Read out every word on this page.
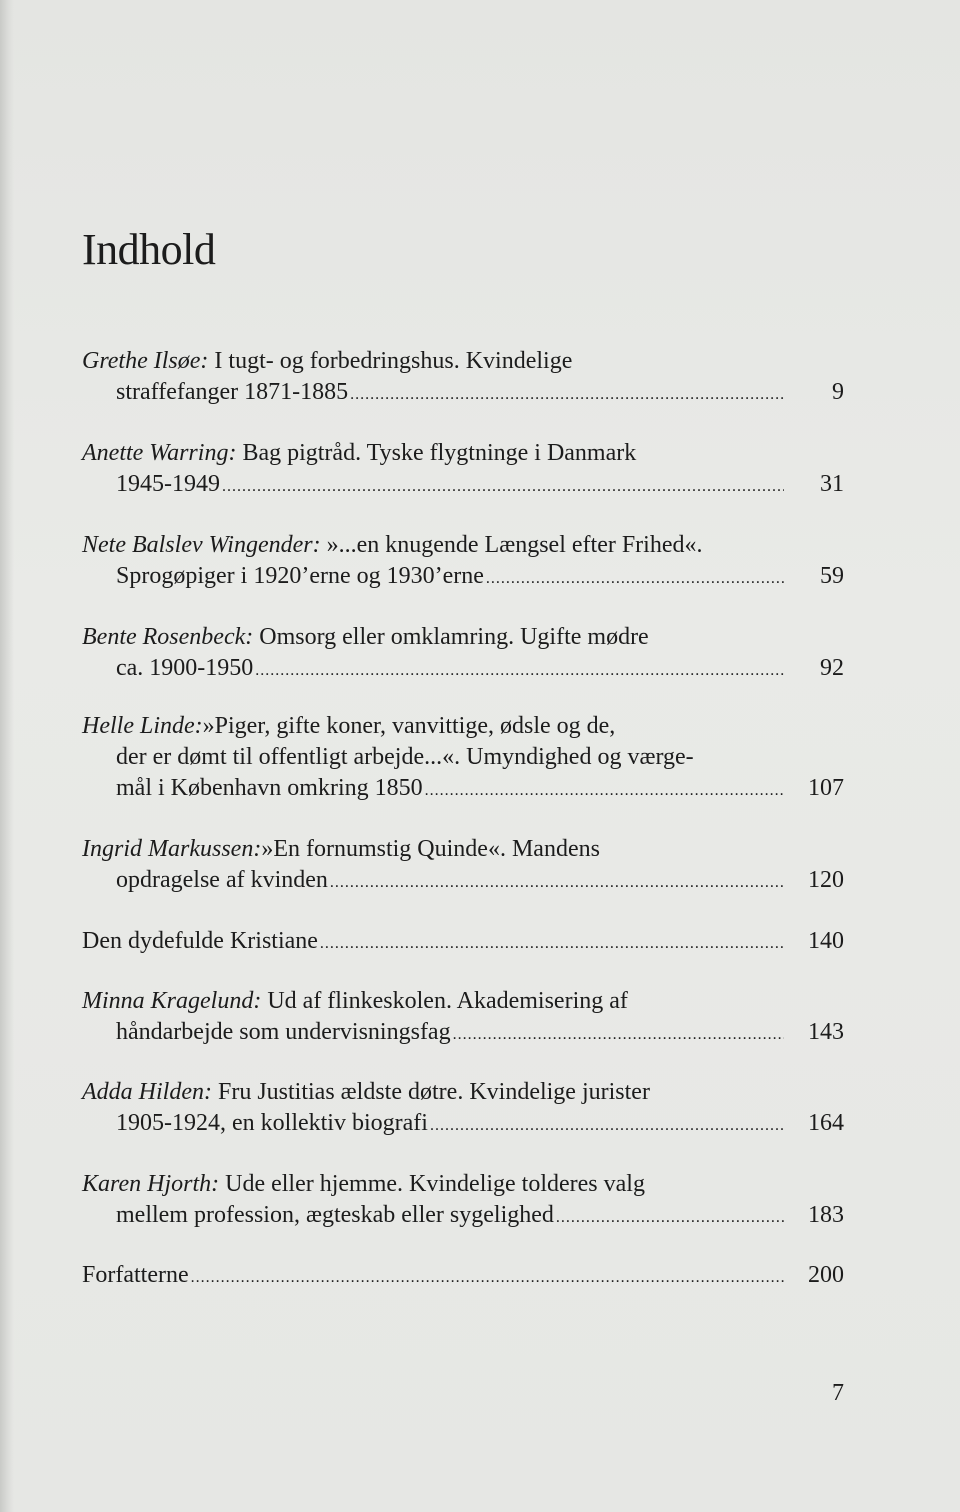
Indhold
Grethe Ilsøe: I tugt- og forbedringshus. Kvindelige
straffefanger 1871-1885 .....	9
Anette Warring: Bag pigtråd. Tyske flygtninge i Danmark
1945-1949 .....	31
Nete Balslev Wingender: »...en knugende Længsel efter Frihed«.
Sprogøpiger i 1920’erne og 1930’erne .....	59
Bente Rosenbeck: Omsorg eller omklamring. Ugifte mødre
ca. 1900-1950 .....	92
Helle Linde:»Piger, gifte koner, vanvittige, ødsle og de,
der er dømt til offentligt arbejde...«. Umyndighed og værge-
mål i København omkring 1850 .....	107
Ingrid Markussen:»En fornumstig Quinde«. Mandens
opdragelse af kvinden .....	120
Den dydefulde Kristiane .....	140
Minna Kragelund: Ud af flinkeskolen. Akademisering af
håndarbejde som undervisningsfag .....	143
Adda Hilden: Fru Justitias ældste døtre. Kvindelige jurister
1905-1924, en kollektiv biografi .....	164
Karen Hjorth: Ude eller hjemme. Kvindelige tolderes valg
mellem profession, ægteskab eller sygelighed .....	183
Forfatterne .....	200
7
